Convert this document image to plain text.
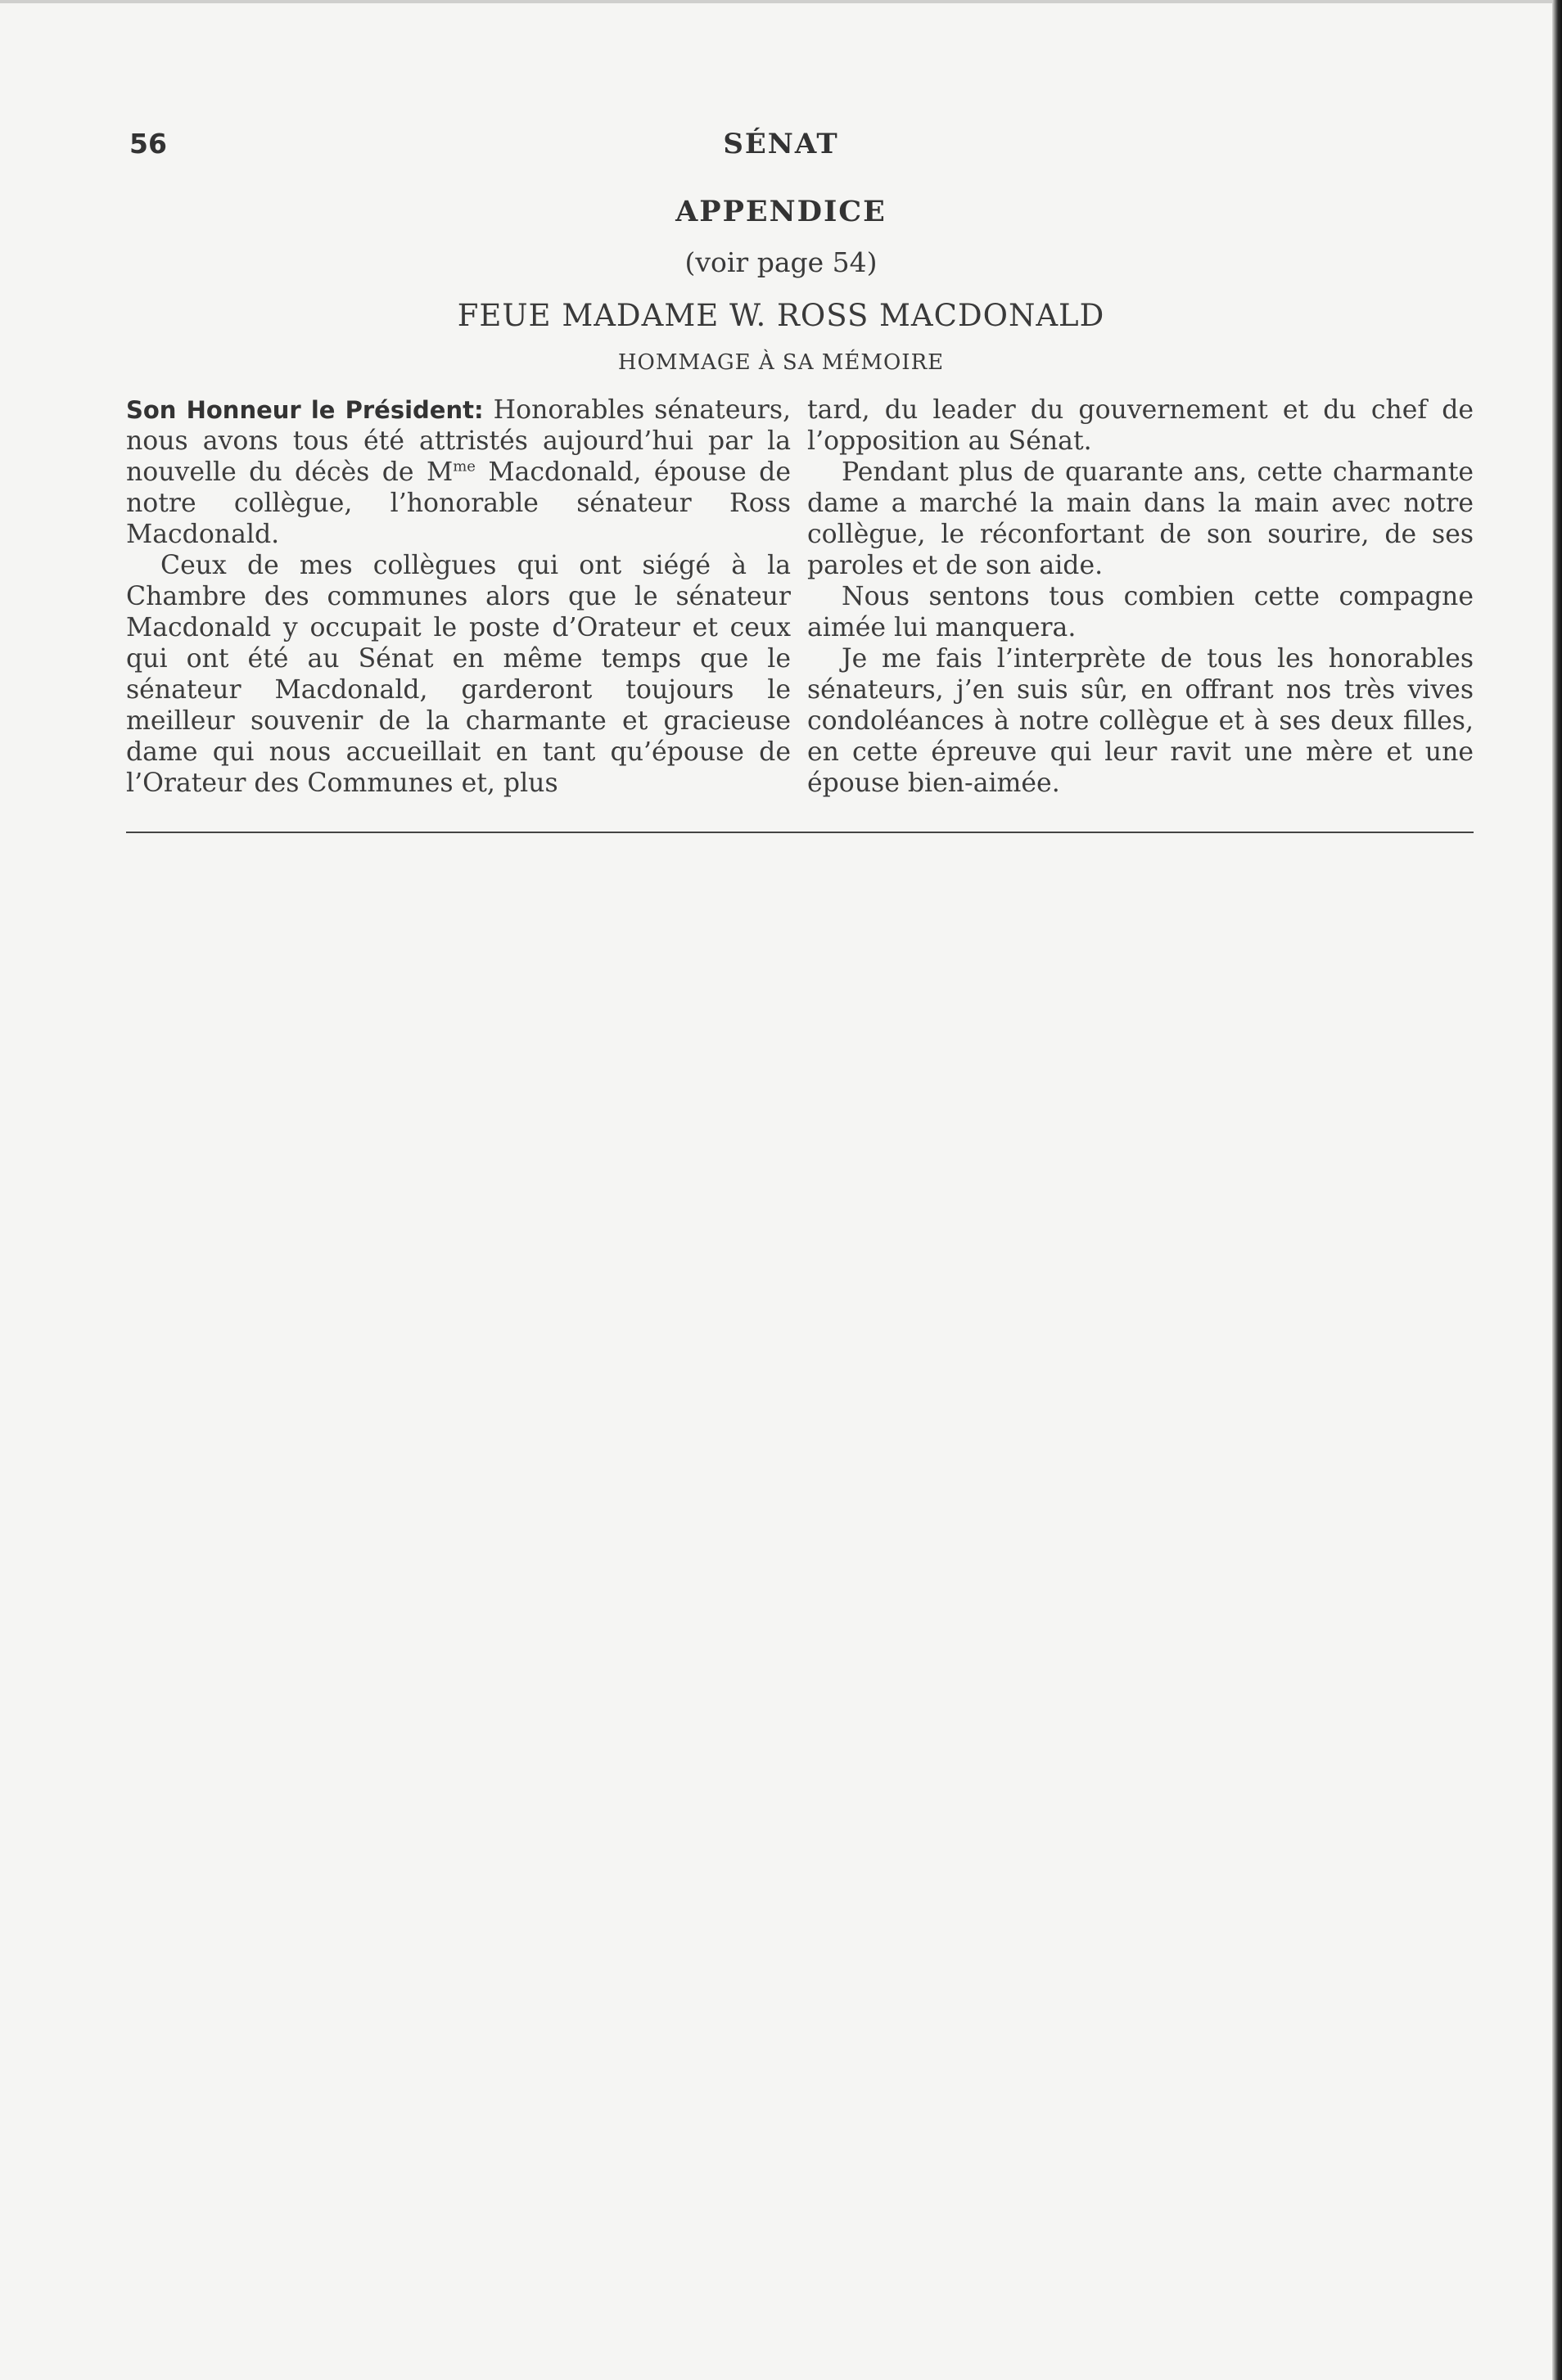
56	SÉNAT
APPENDICE
(voir page 54)
FEUE MADAME W. ROSS MACDONALD
HOMMAGE À SA MÉMOIRE

Son Honneur le Président: Honorables sénateurs, nous avons tous été attristés aujourd’hui par la nouvelle du décès de $M^{me}$ Macdonald, épouse de notre collègue, l’honorable sénateur Ross Macdonald.

Ceux de mes collègues qui ont siégé à la Chambre des communes alors que le sénateur Macdonald y occupait le poste d’Orateur et ceux qui ont été au Sénat en même temps que le sénateur Macdonald, garderont toujours le meilleur souvenir de la charmante et gracieuse dame qui nous accueillait en tant qu’épouse de l’Orateur des Communes et, plus

tard, du leader du gouvernement et du chef de l’opposition au Sénat.

Pendant plus de quarante ans, cette charmante dame a marché la main dans la main avec notre collègue, le réconfortant de son sourire, de ses paroles et de son aide.

Nous sentons tous combien cette compagne aimée lui manquera.

Je me fais l’interprète de tous les honorables sénateurs, j’en suis sûr, en offrant nos très vives condoléances à notre collègue et à ses deux filles, en cette épreuve qui leur ravit une mère et une épouse bien-aimée.
